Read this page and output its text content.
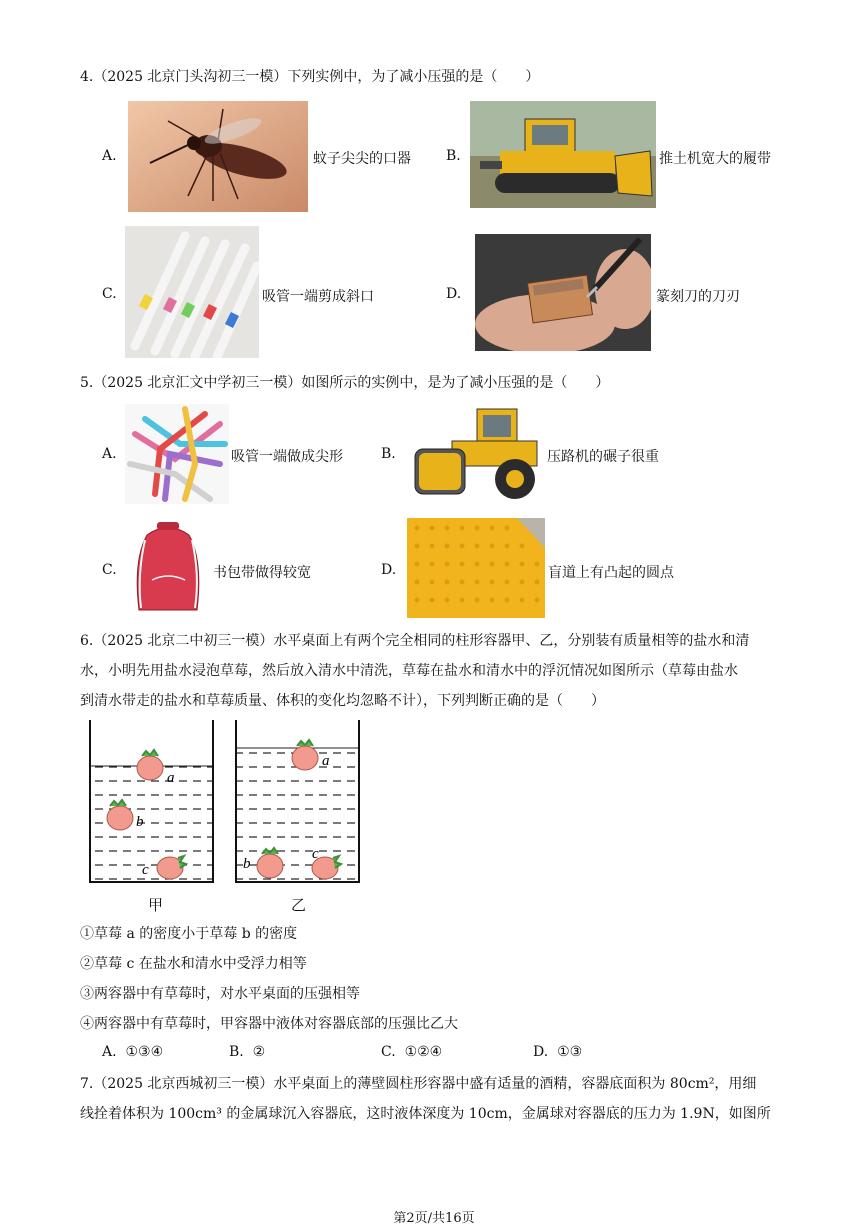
4.（2025 北京门头沟初三一模）下列实例中，为了减小压强的是（　　）
A.	蚊子尖尖的口器	B.	推土机宽大的履带
C.	吸管一端剪成斜口	D.	篆刻刀的刀刃
5.（2025 北京汇文中学初三一模）如图所示的实例中，是为了减小压强的是（　　）
A.	吸管一端做成尖形	B.	压路机的碾子很重
C.	书包带做得较宽	D.	盲道上有凸起的圆点
6.（2025 北京二中初三一模）水平桌面上有两个完全相同的柱形容器甲、乙，分别装有质量相等的盐水和清
水，小明先用盐水浸泡草莓，然后放入清水中清洗，草莓在盐水和清水中的浮沉情况如图所示（草莓由盐水
到清水带走的盐水和草莓质量、体积的变化均忽略不计），下列判断正确的是（　　）
a
b
c
a
b
c
甲	乙
①草莓 a 的密度小于草莓 b 的密度
②草莓 c 在盐水和清水中受浮力相等
③两容器中有草莓时，对水平桌面的压强相等
④两容器中有草莓时，甲容器中液体对容器底部的压强比乙大
A. ①③④	B. ②	C. ①②④	D. ①③
7.（2025 北京西城初三一模）水平桌面上的薄壁圆柱形容器中盛有适量的酒精，容器底面积为 80cm²，用细
线拴着体积为 100cm³ 的金属球沉入容器底，这时液体深度为 10cm，金属球对容器底的压力为 1.9N，如图所
第2页/共16页
